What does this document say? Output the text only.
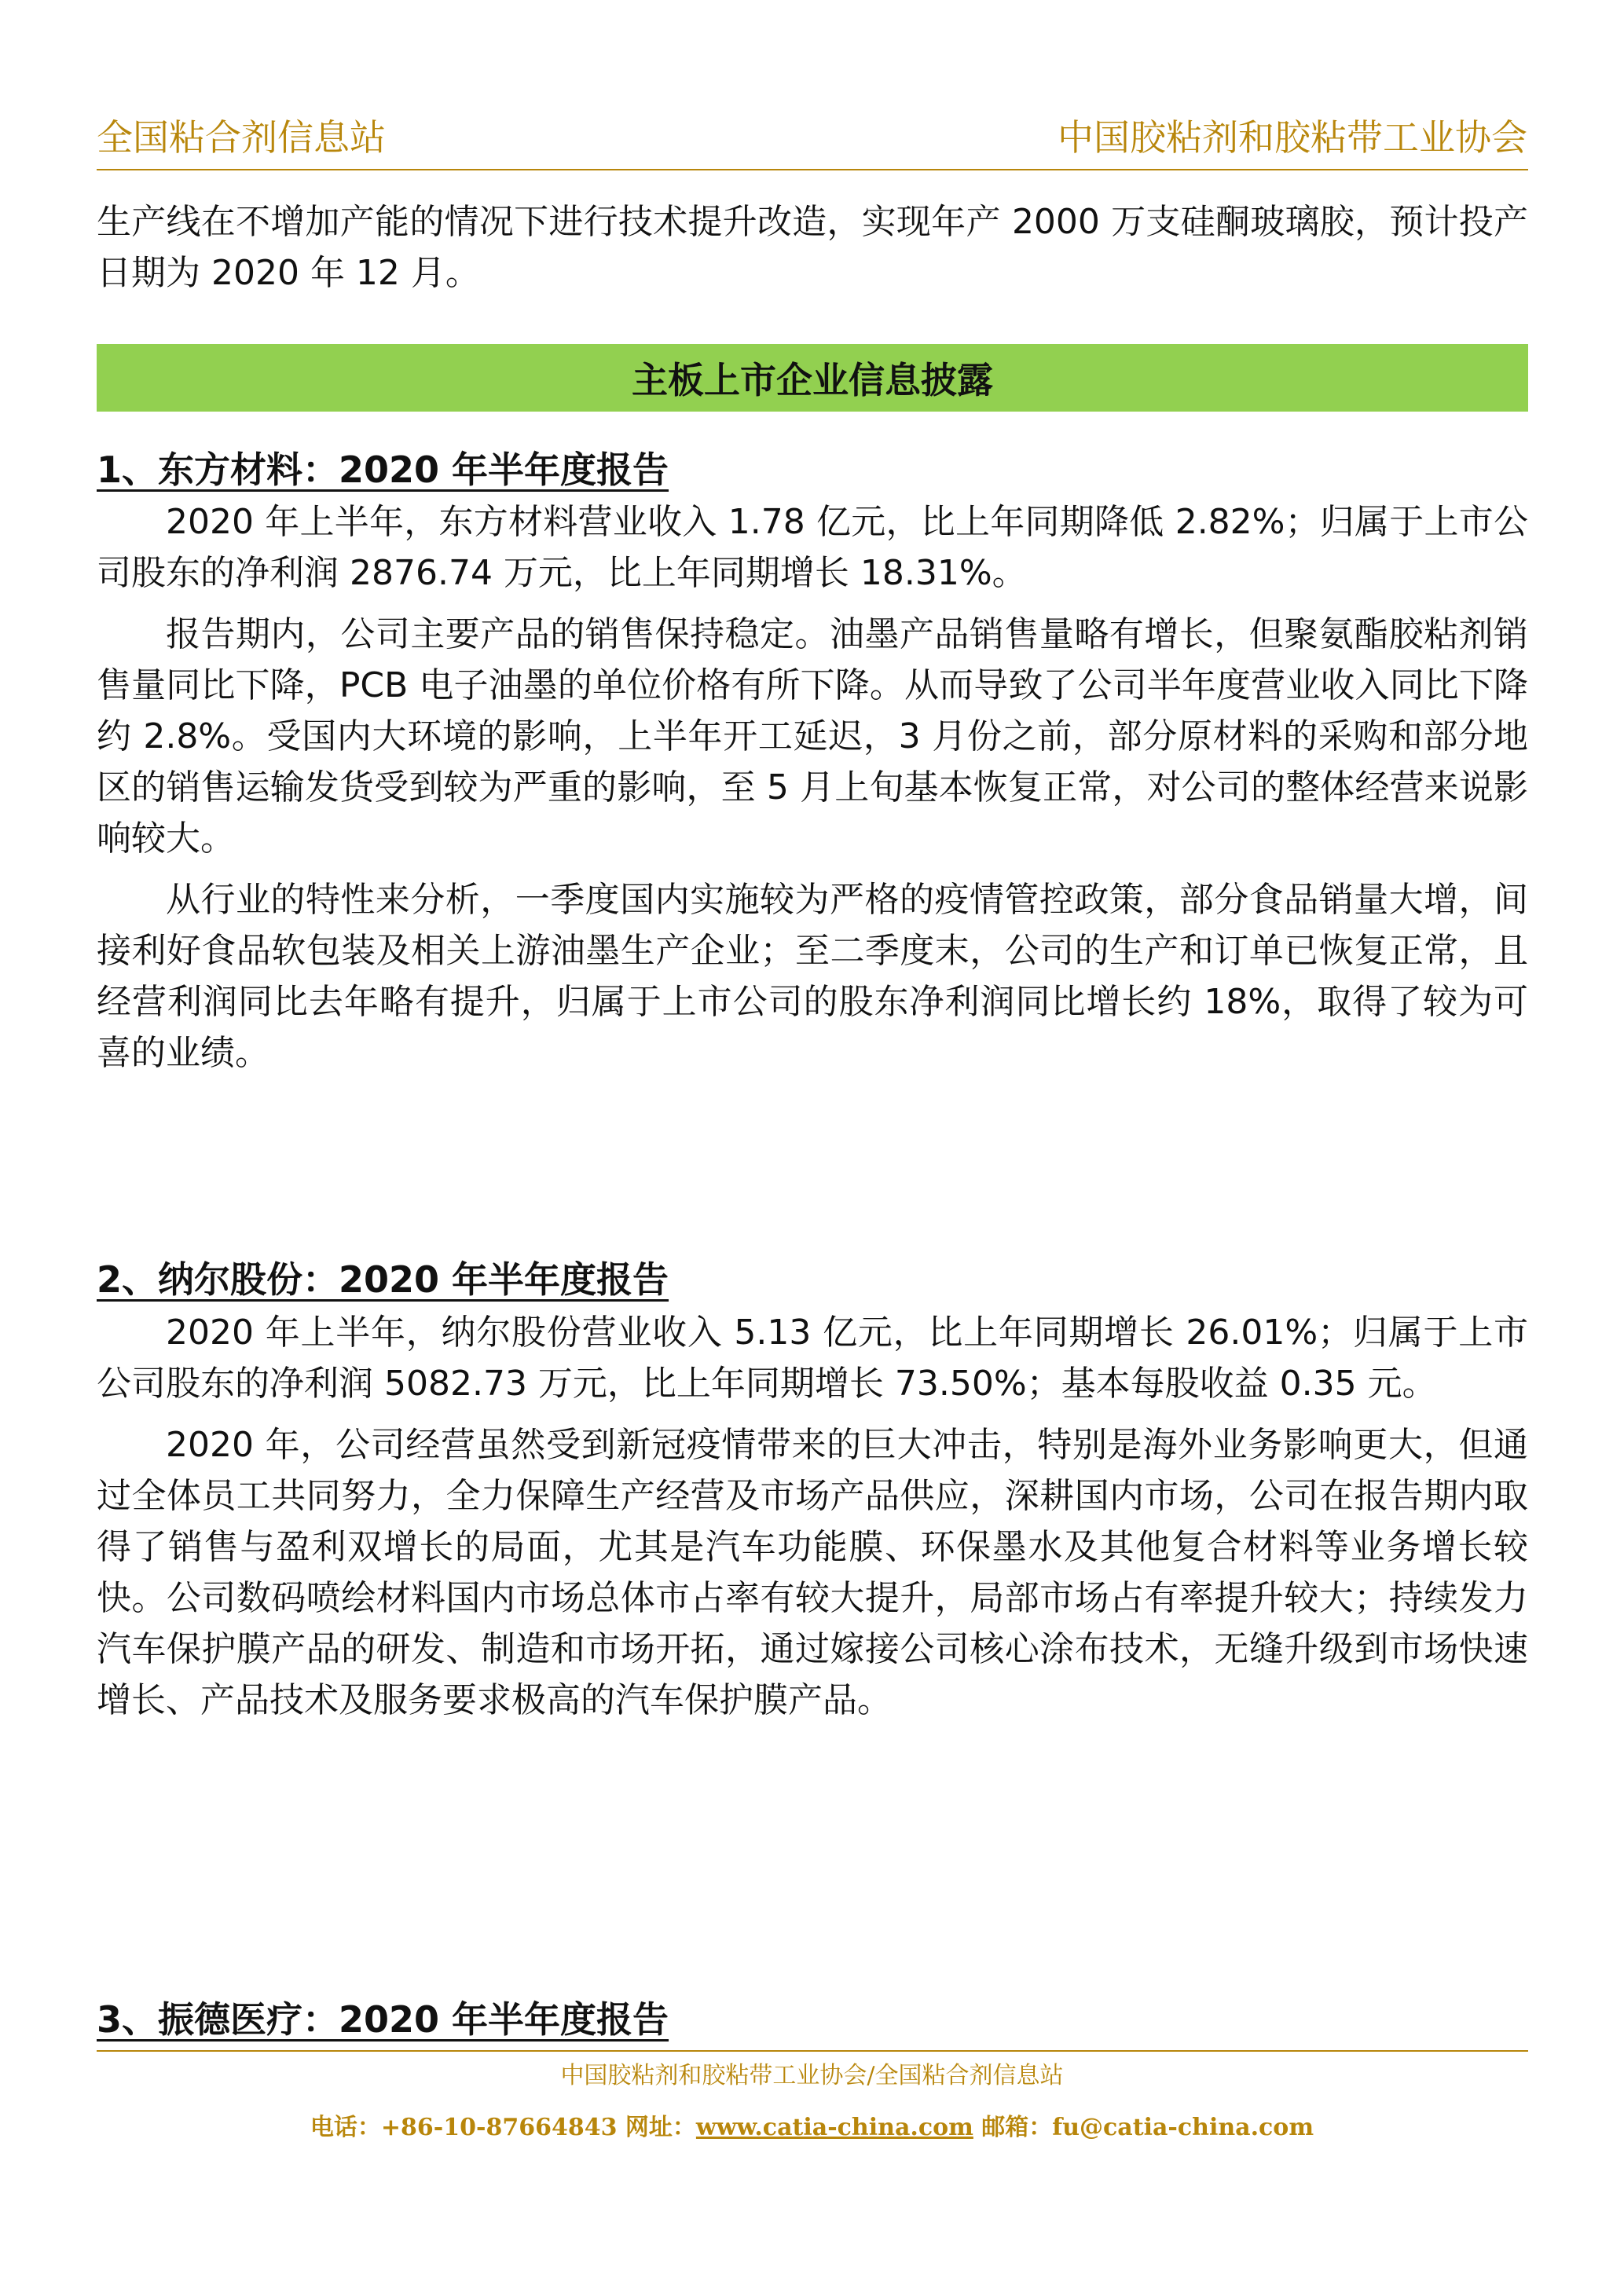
全国粘合剂信息站	中国胶粘剂和胶粘带工业协会

生产线在不增加产能的情况下进行技术提升改造，实现年产 2000 万支硅酮玻璃胶，预计投产日期为 2020 年 12 月。

主板上市企业信息披露
1、东方材料：2020 年半年度报告

2020 年上半年，东方材料营业收入 1.78 亿元，比上年同期降低 2.82%；归属于上市公司股东的净利润 2876.74 万元，比上年同期增长 18.31%。

报告期内，公司主要产品的销售保持稳定。油墨产品销售量略有增长，但聚氨酯胶粘剂销售量同比下降，PCB 电子油墨的单位价格有所下降。从而导致了公司半年度营业收入同比下降约 2.8%。受国内大环境的影响，上半年开工延迟，3 月份之前，部分原材料的采购和部分地区的销售运输发货受到较为严重的影响，至 5 月上旬基本恢复正常，对公司的整体经营来说影响较大。

从行业的特性来分析，一季度国内实施较为严格的疫情管控政策，部分食品销量大增，间接利好食品软包装及相关上游油墨生产企业；至二季度末，公司的生产和订单已恢复正常，且经营利润同比去年略有提升，归属于上市公司的股东净利润同比增长约 18%，取得了较为可喜的业绩。

2、纳尔股份：2020 年半年度报告

2020 年上半年，纳尔股份营业收入 5.13 亿元，比上年同期增长 26.01%；归属于上市公司股东的净利润 5082.73 万元，比上年同期增长 73.50%；基本每股收益 0.35 元。

2020 年，公司经营虽然受到新冠疫情带来的巨大冲击，特别是海外业务影响更大，但通过全体员工共同努力，全力保障生产经营及市场产品供应，深耕国内市场，公司在报告期内取得了销售与盈利双增长的局面，尤其是汽车功能膜、环保墨水及其他复合材料等业务增长较快。公司数码喷绘材料国内市场总体市占率有较大提升，局部市场占有率提升较大；持续发力汽车保护膜产品的研发、制造和市场开拓，通过嫁接公司核心涂布技术，无缝升级到市场快速增长、产品技术及服务要求极高的汽车保护膜产品。

3、振德医疗：2020 年半年度报告
中国胶粘剂和胶粘带工业协会/全国粘合剂信息站
电话：+86-10-87664843 网址：www.catia-china.com 邮箱：fu@catia-china.com
